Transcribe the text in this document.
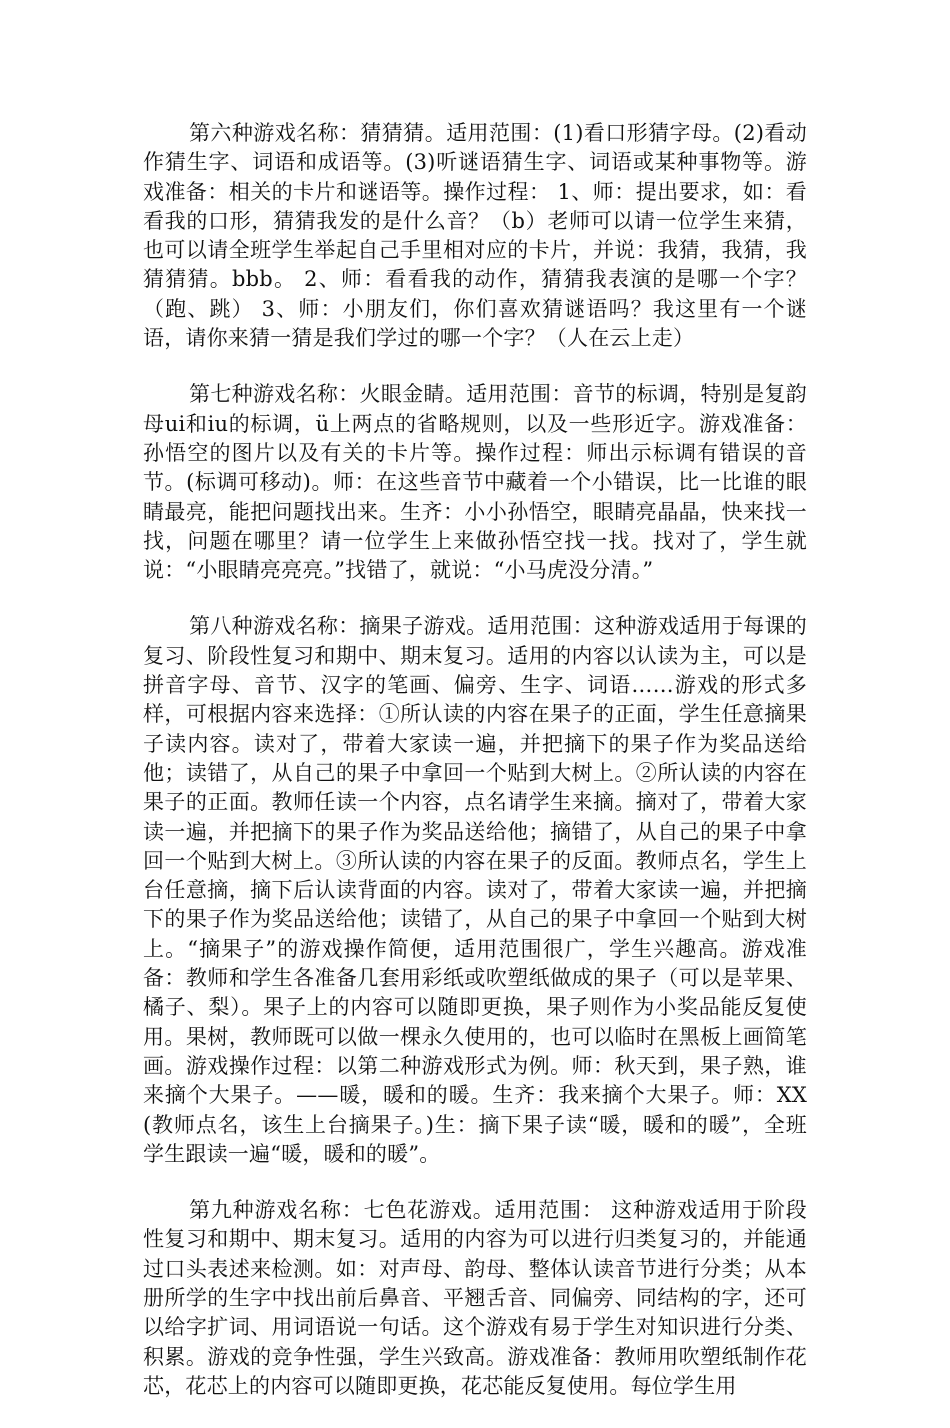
第六种游戏名称：猜猜猜。适用范围：(1)看口形猜字母。(2)看动作猜生字、词语和成语等。(3)听谜语猜生字、词语或某种事物等。游戏准备：相关的卡片和谜语等。操作过程： 1、师：提出要求，如：看看我的口形，猜猜我发的是什么音？（b）老师可以请一位学生来猜，也可以请全班学生举起自己手里相对应的卡片，并说：我猜，我猜，我猜猜猜。bbb。 2、师：看看我的动作，猜猜我表演的是哪一个字？（跑、跳） 3、师：小朋友们，你们喜欢猜谜语吗？我这里有一个谜语，请你来猜一猜是我们学过的哪一个字？（人在云上走）

第七种游戏名称：火眼金睛。适用范围：音节的标调，特别是复韵母ui和iu的标调，ü上两点的省略规则，以及一些形近字。游戏准备：孙悟空的图片以及有关的卡片等。操作过程：师出示标调有错误的音节。(标调可移动)。师：在这些音节中藏着一个小错误，比一比谁的眼睛最亮，能把问题找出来。生齐：小小孙悟空，眼睛亮晶晶，快来找一找，问题在哪里？请一位学生上来做孙悟空找一找。找对了，学生就说：“小眼睛亮亮亮。”找错了，就说：“小马虎没分清。”

第八种游戏名称：摘果子游戏。适用范围：这种游戏适用于每课的复习、阶段性复习和期中、期末复习。适用的内容以认读为主，可以是拼音字母、音节、汉字的笔画、偏旁、生字、词语……游戏的形式多样，可根据内容来选择：①所认读的内容在果子的正面，学生任意摘果子读内容。读对了，带着大家读一遍，并把摘下的果子作为奖品送给他；读错了，从自己的果子中拿回一个贴到大树上。②所认读的内容在果子的正面。教师任读一个内容，点名请学生来摘。摘对了，带着大家读一遍，并把摘下的果子作为奖品送给他；摘错了，从自己的果子中拿回一个贴到大树上。③所认读的内容在果子的反面。教师点名，学生上台任意摘，摘下后认读背面的内容。读对了，带着大家读一遍，并把摘下的果子作为奖品送给他；读错了，从自己的果子中拿回一个贴到大树上。“摘果子”的游戏操作简便，适用范围很广，学生兴趣高。游戏准备：教师和学生各准备几套用彩纸或吹塑纸做成的果子（可以是苹果、橘子、梨）。果子上的内容可以随即更换，果子则作为小奖品能反复使用。果树，教师既可以做一棵永久使用的，也可以临时在黑板上画简笔画。游戏操作过程：以第二种游戏形式为例。师：秋天到，果子熟，谁来摘个大果子。——暖，暖和的暖。生齐：我来摘个大果子。师：XX(教师点名，该生上台摘果子。)生：摘下果子读“暖，暖和的暖”，全班学生跟读一遍“暖，暖和的暖”。

第九种游戏名称：七色花游戏。适用范围： 这种游戏适用于阶段性复习和期中、期末复习。适用的内容为可以进行归类复习的，并能通过口头表述来检测。如：对声母、韵母、整体认读音节进行分类；从本册所学的生字中找出前后鼻音、平翘舌音、同偏旁、同结构的字，还可以给字扩词、用词语说一句话。这个游戏有易于学生对知识进行分类、积累。游戏的竞争性强，学生兴致高。游戏准备：教师用吹塑纸制作花芯，花芯上的内容可以随即更换，花芯能反复使用。每位学生用
